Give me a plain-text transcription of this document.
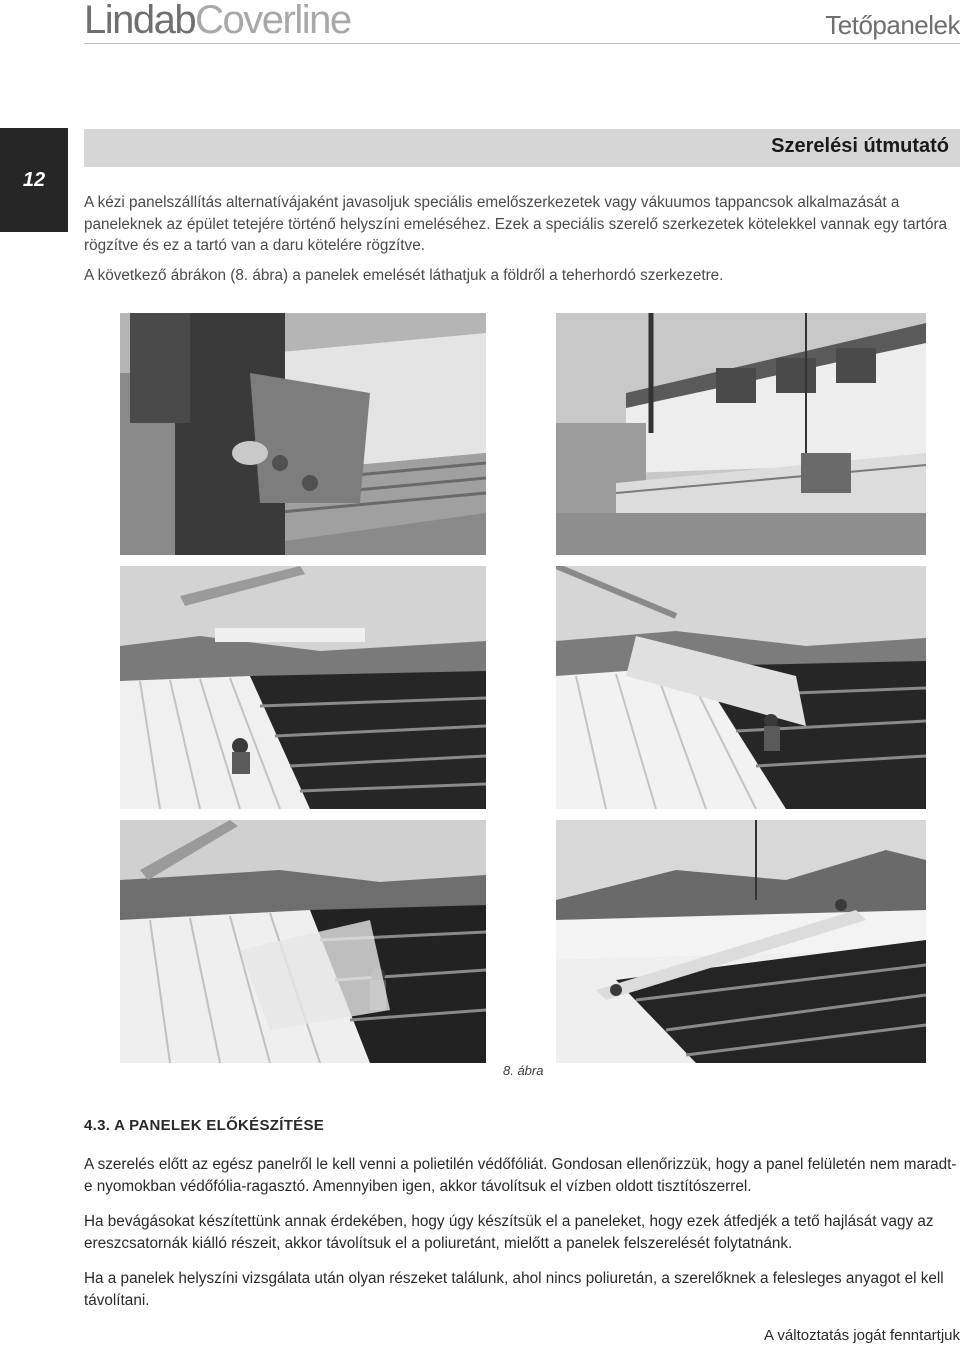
LindabCoverline	Tetőpanelek
12
Szerelési útmutató
A kézi panelszállítás alternatívájaként javasoljuk speciális emelőszerkezetek vagy vákuumos tappancsok alkalmazását a paneleknek az épület tetejére történő helyszíni emeléséhez. Ezek a speciális szerelő szerkezetek kötelekkel vannak egy tartóra rögzítve és ez a tartó van a daru kötelére rögzítve.
A következő ábrákon (8. ábra) a panelek emelését láthatjuk a földről a teherhordó szerkezetre.
8. ábra
4.3. A PANELEK ELŐKÉSZÍTÉSE
A szerelés előtt az egész panelről le kell venni a polietilén védőfóliát. Gondosan ellenőrizzük, hogy a panel felületén nem maradt-e nyomokban védőfólia-ragasztó. Amennyiben igen, akkor távolítsuk el vízben oldott tisztítószerrel.
Ha bevágásokat készítettünk annak érdekében, hogy úgy készítsük el a paneleket, hogy ezek átfedjék a tető hajlását vagy az ereszcsatornák kiálló részeit, akkor távolítsuk el a poliuretánt, mielőtt a panelek felszerelését folytatnánk.
Ha a panelek helyszíni vizsgálata után olyan részeket találunk, ahol nincs poliuretán, a szerelőknek a felesleges anyagot el kell távolítani.
A változtatás jogát fenntartjuk
